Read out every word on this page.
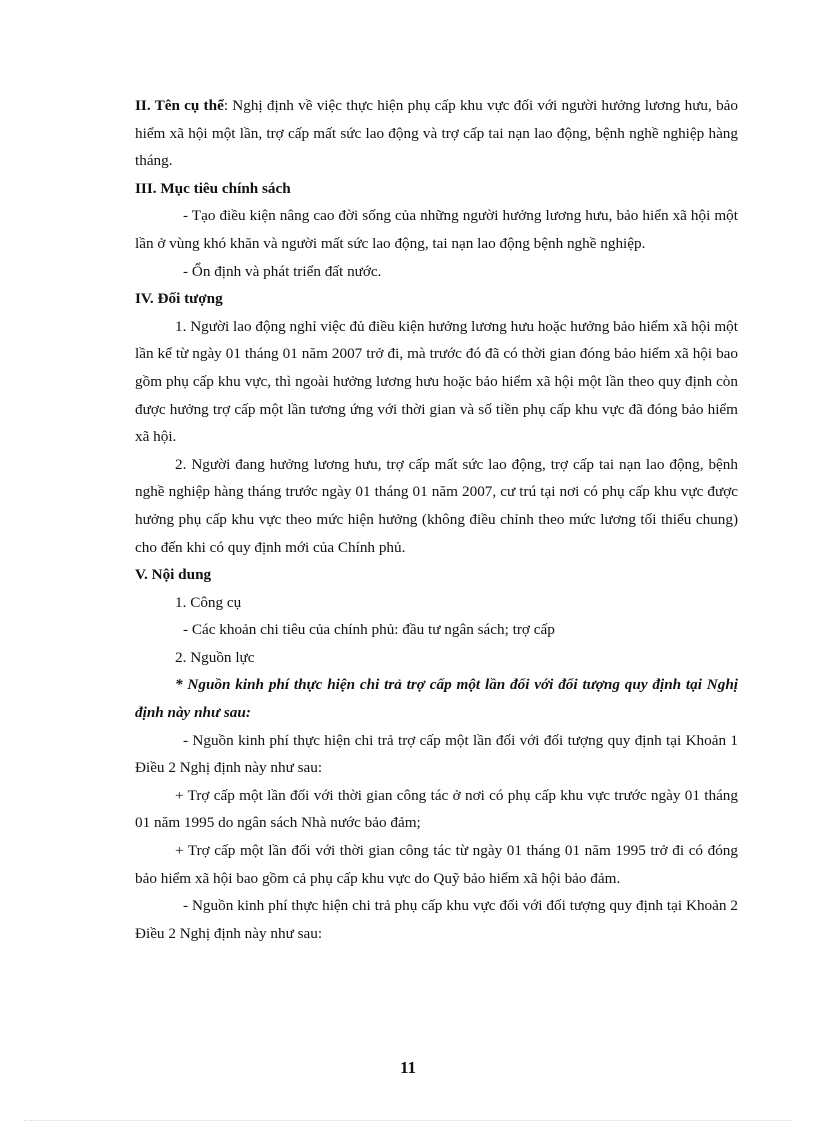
II. Tên cụ thể: Nghị định về việc thực hiện phụ cấp khu vực đối với người hưởng lương hưu, bảo hiểm xã hội một lần, trợ cấp mất sức lao động và trợ cấp tai nạn lao động, bệnh nghề nghiệp hàng tháng.

III. Mục tiêu chính sách

- Tạo điều kiện nâng cao đời sống của những người hưởng lương hưu, bảo hiển xã hội một lần ở vùng khó khăn và người mất sức lao động, tai nạn lao động bệnh nghề nghiệp.

- Ổn định và phát triển đất nước.

IV. Đối tượng

1. Người lao động nghỉ việc đủ điều kiện hưởng lương hưu hoặc hưởng bảo hiểm xã hội một lần kể từ ngày 01 tháng 01 năm 2007 trở đi, mà trước đó đã có thời gian đóng bảo hiểm xã hội bao gồm phụ cấp khu vực, thì ngoài hưởng lương hưu hoặc bảo hiểm xã hội một lần theo quy định còn được hưởng trợ cấp một lần tương ứng với thời gian và số tiền phụ cấp khu vực đã đóng bảo hiểm xã hội.

2. Người đang hưởng lương hưu, trợ cấp mất sức lao động, trợ cấp tai nạn lao động, bệnh nghề nghiệp hàng tháng trước ngày 01 tháng 01 năm 2007, cư trú tại nơi có phụ cấp khu vực được hưởng phụ cấp khu vực theo mức hiện hưởng (không điều chỉnh theo mức lương tối thiểu chung) cho đến khi có quy định mới của Chính phủ.

V. Nội dung

1. Công cụ

- Các khoản chi tiêu của chính phủ: đầu tư ngân sách; trợ cấp

2. Nguồn lực

* Nguồn kinh phí thực hiện chi trả trợ cấp một lần đối với đối tượng quy định tại Nghị định này như sau:

- Nguồn kinh phí thực hiện chi trả trợ cấp một lần đối với đối tượng quy định tại Khoản 1 Điều 2 Nghị định này như sau:

+ Trợ cấp một lần đối với thời gian công tác ở nơi có phụ cấp khu vực trước ngày 01 tháng 01 năm 1995 do ngân sách Nhà nước bảo đảm;

+ Trợ cấp một lần đối với thời gian công tác từ ngày 01 tháng 01 năm 1995 trở đi có đóng bảo hiểm xã hội bao gồm cả phụ cấp khu vực do Quỹ bảo hiểm xã hội bảo đảm.

- Nguồn kinh phí thực hiện chi trả phụ cấp khu vực đối với đối tượng quy định tại Khoản 2 Điều 2 Nghị định này như sau:

11
